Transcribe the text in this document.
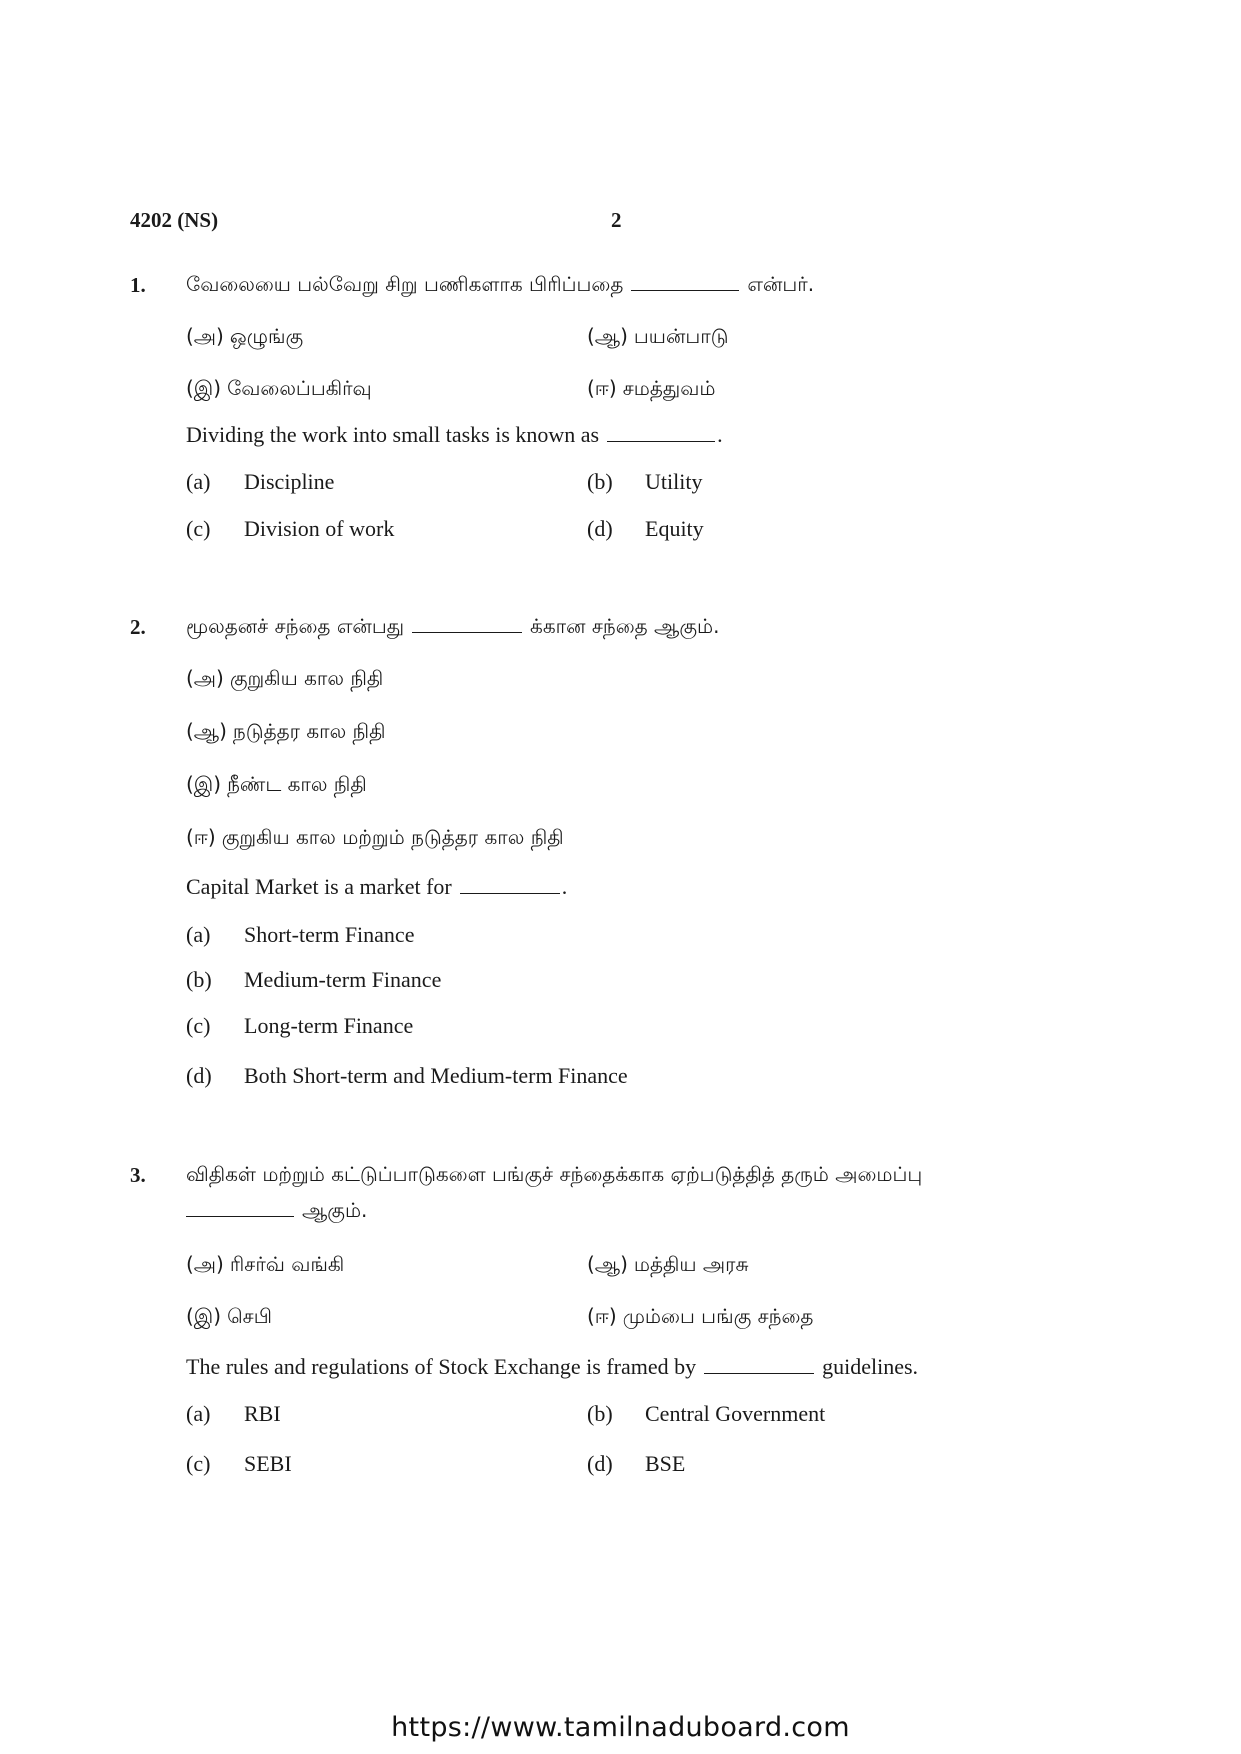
4202 (NS)	2
1. வேலையை பல்வேறு சிறு பணிகளாக பிரிப்பதை	என்பர்.
(அ) ஒழுங்கு	(ஆ) பயன்பாடு
(இ) வேலைப்பகிர்வு	(ஈ) சமத்துவம்
Dividing the work into small tasks is known as	.
(a) Discipline	(b) Utility
(c) Division of work	(d) Equity
2. மூலதனச் சந்தை என்பது	க்கான சந்தை ஆகும்.
(அ) குறுகிய கால நிதி
(ஆ) நடுத்தர கால நிதி
(இ) நீண்ட கால நிதி
(ஈ) குறுகிய கால மற்றும் நடுத்தர கால நிதி
Capital Market is a market for	.
(a) Short-term Finance
(b) Medium-term Finance
(c) Long-term Finance
(d) Both Short-term and Medium-term Finance
3. விதிகள் மற்றும் கட்டுப்பாடுகளை பங்குச் சந்தைக்காக ஏற்படுத்தித் தரும் அமைப்பு
ஆகும்.
(அ) ரிசர்வ் வங்கி	(ஆ) மத்திய அரசு
(இ) செபி	(ஈ) மும்பை பங்கு சந்தை
The rules and regulations of Stock Exchange is framed by	guidelines.
(a) RBI	(b) Central Government
(c) SEBI	(d) BSE
https://www.tamilnaduboard.com
